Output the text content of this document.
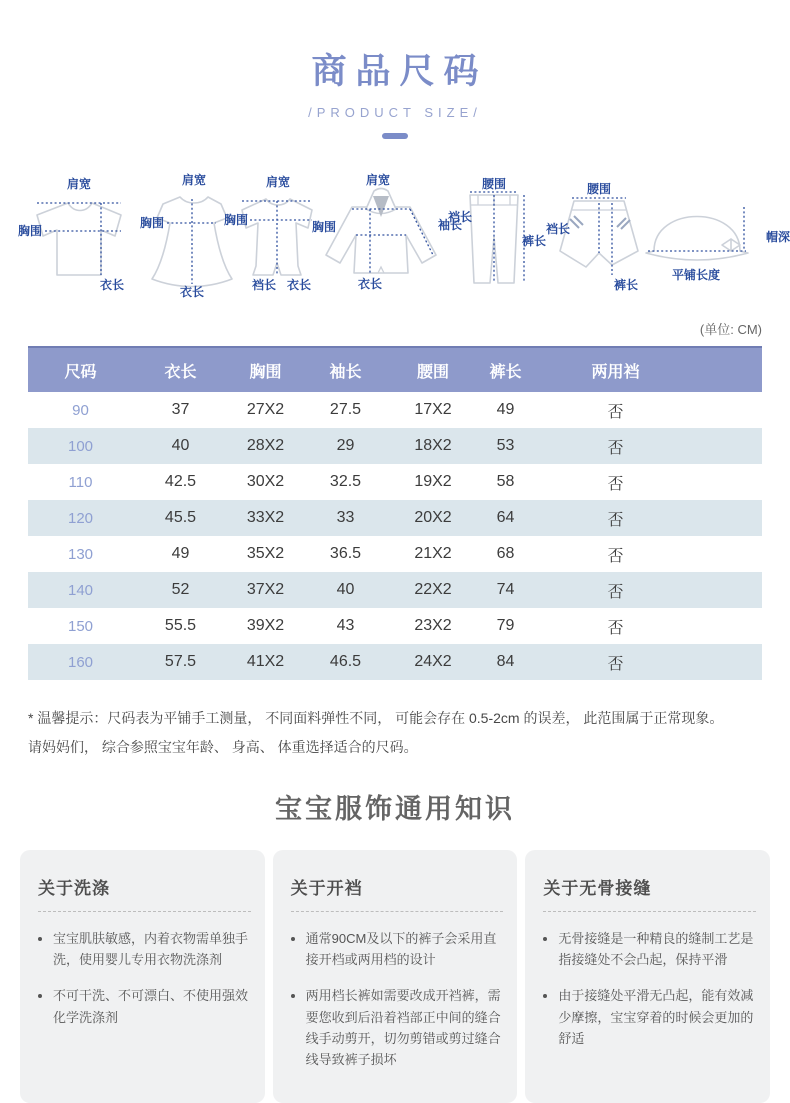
商品尺码
/PRODUCT SIZE/
肩宽
胸围
衣长
肩宽
胸围
衣长
肩宽
胸围
裆长 衣长
肩宽
胸围	袖长
衣长
腰围
裆长
裤长
腰围
裆长
裤长
帽深
平铺长度
(单位: CM)
尺码	衣长	胸围	袖长	腰围	裤长	两用裆	
90	37	27X2	27.5	17X2	49	否	
100	40	28X2	29	18X2	53	否	
110	42.5	30X2	32.5	19X2	58	否	
120	45.5	33X2	33	20X2	64	否	
130	49	35X2	36.5	21X2	68	否	
140	52	37X2	40	22X2	74	否	
150	55.5	39X2	43	23X2	79	否	
160	57.5	41X2	46.5	24X2	84	否	
* 温馨提示：尺码表为平铺手工测量， 不同面料弹性不同， 可能会存在 0.5-2cm 的误差， 此范围属于正常现象。
请妈妈们， 综合参照宝宝年龄、 身高、 体重选择适合的尺码。
宝宝服饰通用知识
关于洗涤
• 宝宝肌肤敏感，内着衣物需单独手洗，使用婴儿专用衣物洗涤剂
• 不可干洗、不可漂白、不使用强效化学洗涤剂
关于开裆
• 通常90CM及以下的裤子会采用直接开档或两用档的设计
• 两用档长裤如需要改成开裆裤，需要您收到后沿着裆部正中间的缝合线手动剪开，切勿剪错或剪过缝合线导致裤子损坏
关于无骨接缝
• 无骨接缝是一种精良的缝制工艺是指接缝处不会凸起，保持平滑
• 由于接缝处平滑无凸起，能有效减少摩擦，宝宝穿着的时候会更加的舒适
